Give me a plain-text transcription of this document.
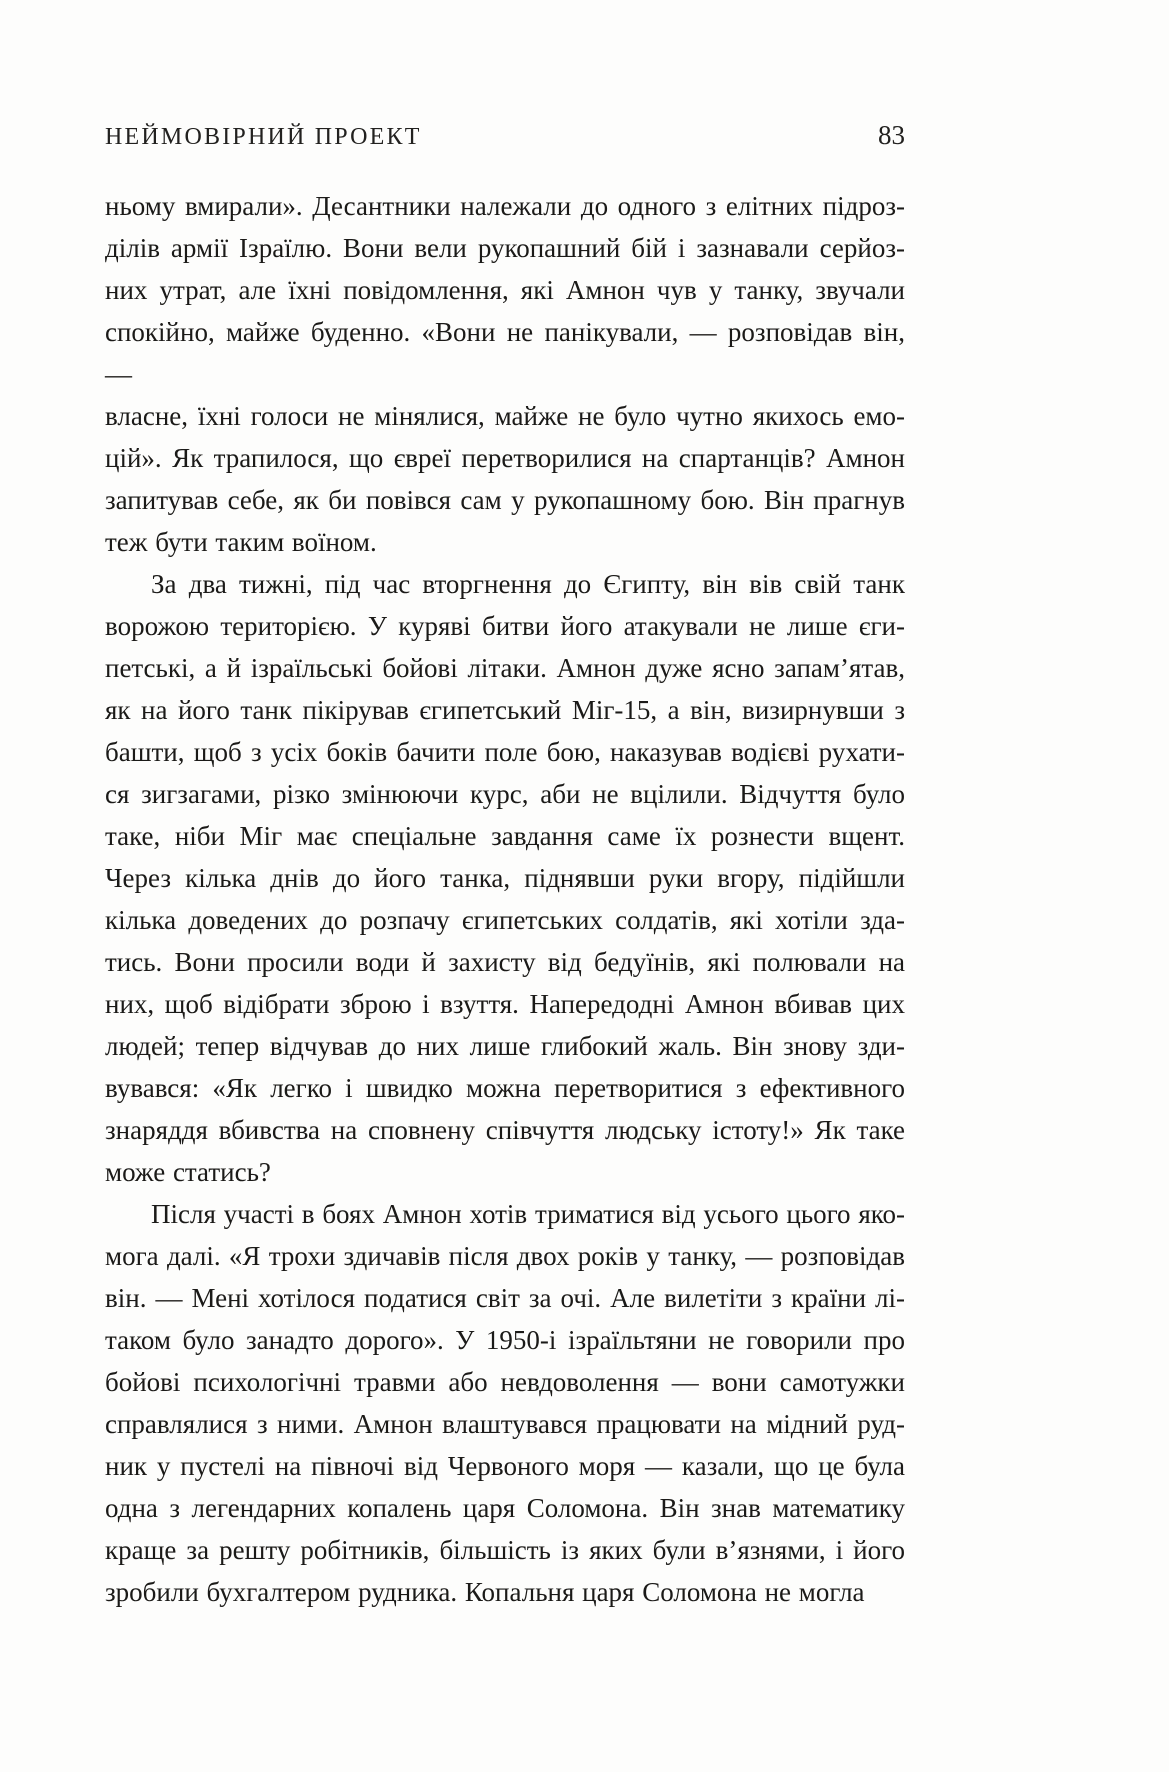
НЕЙМОВІРНИЙ ПРОЕКТ	83
ньому вмирали». Десантники належали до одного з елітних підроз-
ділів армії Ізраїлю. Вони вели рукопашний бій і зазнавали серйоз-
них утрат, але їхні повідомлення, які Амнон чув у танку, звучали
спокійно, майже буденно. «Вони не панікували, — розповідав він, —
власне, їхні голоси не мінялися, майже не було чутно якихось емо-
цій». Як трапилося, що євреї перетворилися на спартанців? Амнон
запитував себе, як би повівся сам у рукопашному бою. Він прагнув
теж бути таким воїном.
За два тижні, під час вторгнення до Єгипту, він вів свій танк
ворожою територією. У куряві битви його атакували не лише єги-
петські, а й ізраїльські бойові літаки. Амнон дуже ясно запам’ятав,
як на його танк пікірував єгипетський Міг-15, а він, визирнувши з
башти, щоб з усіх боків бачити поле бою, наказував водієві рухати-
ся зигзагами, різко змінюючи курс, аби не вцілили. Відчуття було
таке, ніби Міг має спеціальне завдання саме їх рознести вщент.
Через кілька днів до його танка, піднявши руки вгору, підійшли
кілька доведених до розпачу єгипетських солдатів, які хотіли зда-
тись. Вони просили води й захисту від бедуїнів, які полювали на
них, щоб відібрати зброю і взуття. Напередодні Амнон вбивав цих
людей; тепер відчував до них лише глибокий жаль. Він знову зди-
вувався: «Як легко і швидко можна перетворитися з ефективного
знаряддя вбивства на сповнену співчуття людську істоту!» Як таке
може статись?
Після участі в боях Амнон хотів триматися від усього цього яко-
мога далі. «Я трохи здичавів після двох років у танку, — розповідав
він. — Мені хотілося податися світ за очі. Але вилетіти з країни лі-
таком було занадто дорого». У 1950-і ізраїльтяни не говорили про
бойові психологічні травми або невдоволення — вони самотужки
справлялися з ними. Амнон влаштувався працювати на мідний руд-
ник у пустелі на півночі від Червоного моря — казали, що це була
одна з легендарних копалень царя Соломона. Він знав математику
краще за решту робітників, більшість із яких були в’язнями, і його
зробили бухгалтером рудника. Копальня царя Соломона не могла
